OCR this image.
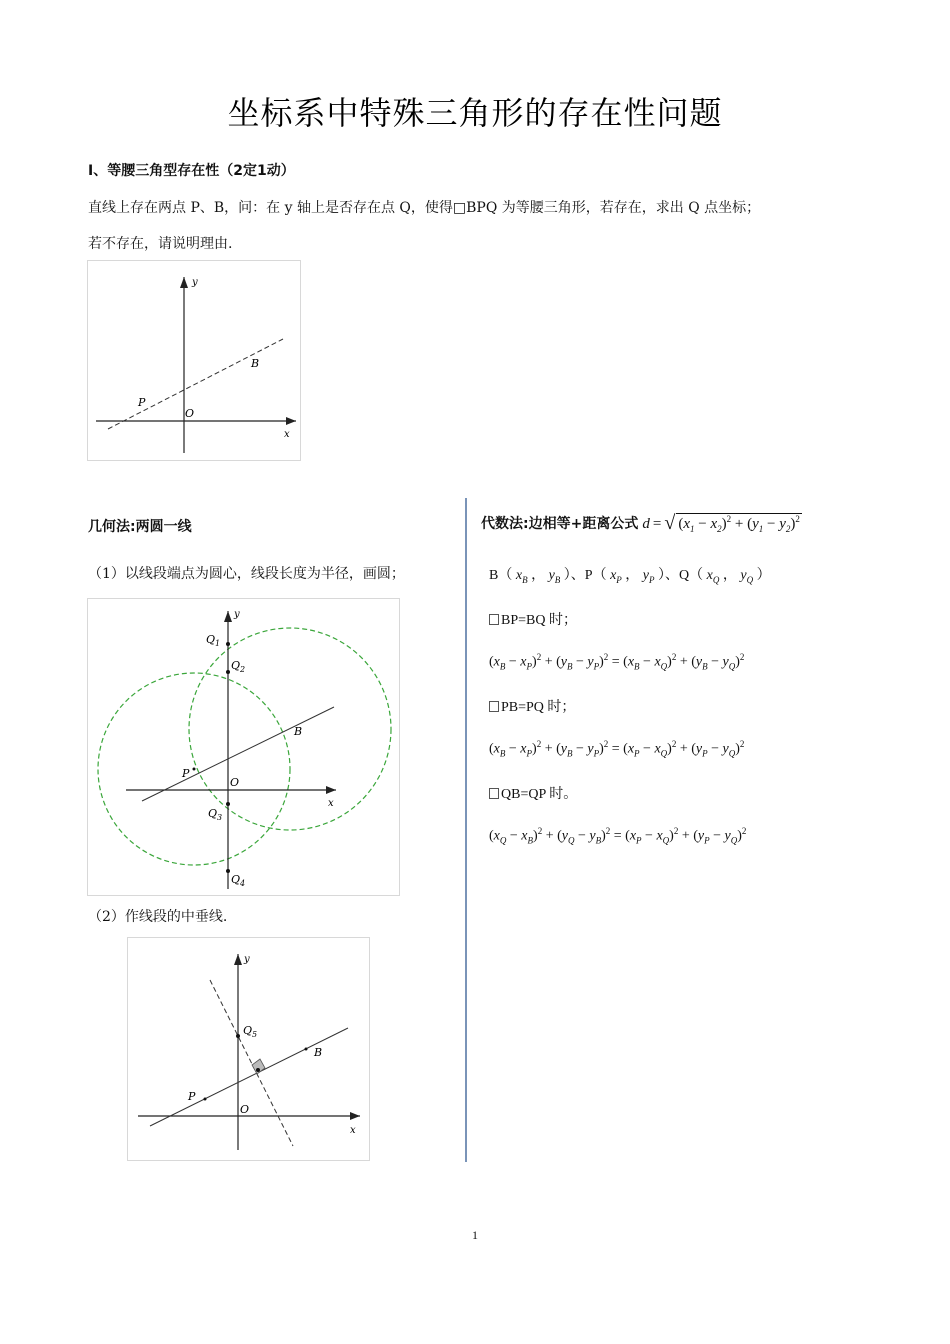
坐标系中特殊三角形的存在性问题
Ⅰ、等腰三角型存在性（2定1动）
直线上存在两点 P、B，问：在 y 轴上是否存在点 Q，使得□BPQ 为等腰三角形，若存在，求出 Q 点坐标；
若不存在，请说明理由.
y
x
O
P
B
几何法:两圆一线
（1）以线段端点为圆心，线段长度为半径，画圆；
y
x
O
P
B
$Q_1$
$Q_2$
$Q_3$
$Q_4$
（2）作线段的中垂线.
y
x
O
P
B
$Q_5$
代数法:边相等+距离公式 d = √ $(x_1 - x_2)^2 + (y_1 - y_2)^2$
B（ $x_B$ ， $y_B$ ）、P（ $x_P$ ， $y_P$ ）、Q（ $x_Q$ ， $y_Q$ ）
BP=BQ 时；
$(x_B - x_P)^2 + (y_B - y_P)^2 = (x_B - x_Q)^2 + (y_B - y_Q)^2$
PB=PQ 时；
$(x_B - x_P)^2 + (y_B - y_P)^2 = (x_P - x_Q)^2 + (y_P - y_Q)^2$
QB=QP 时。
$(x_Q - x_B)^2 + (y_Q - y_B)^2 = (x_P - x_Q)^2 + (y_P - y_Q)^2$
1
